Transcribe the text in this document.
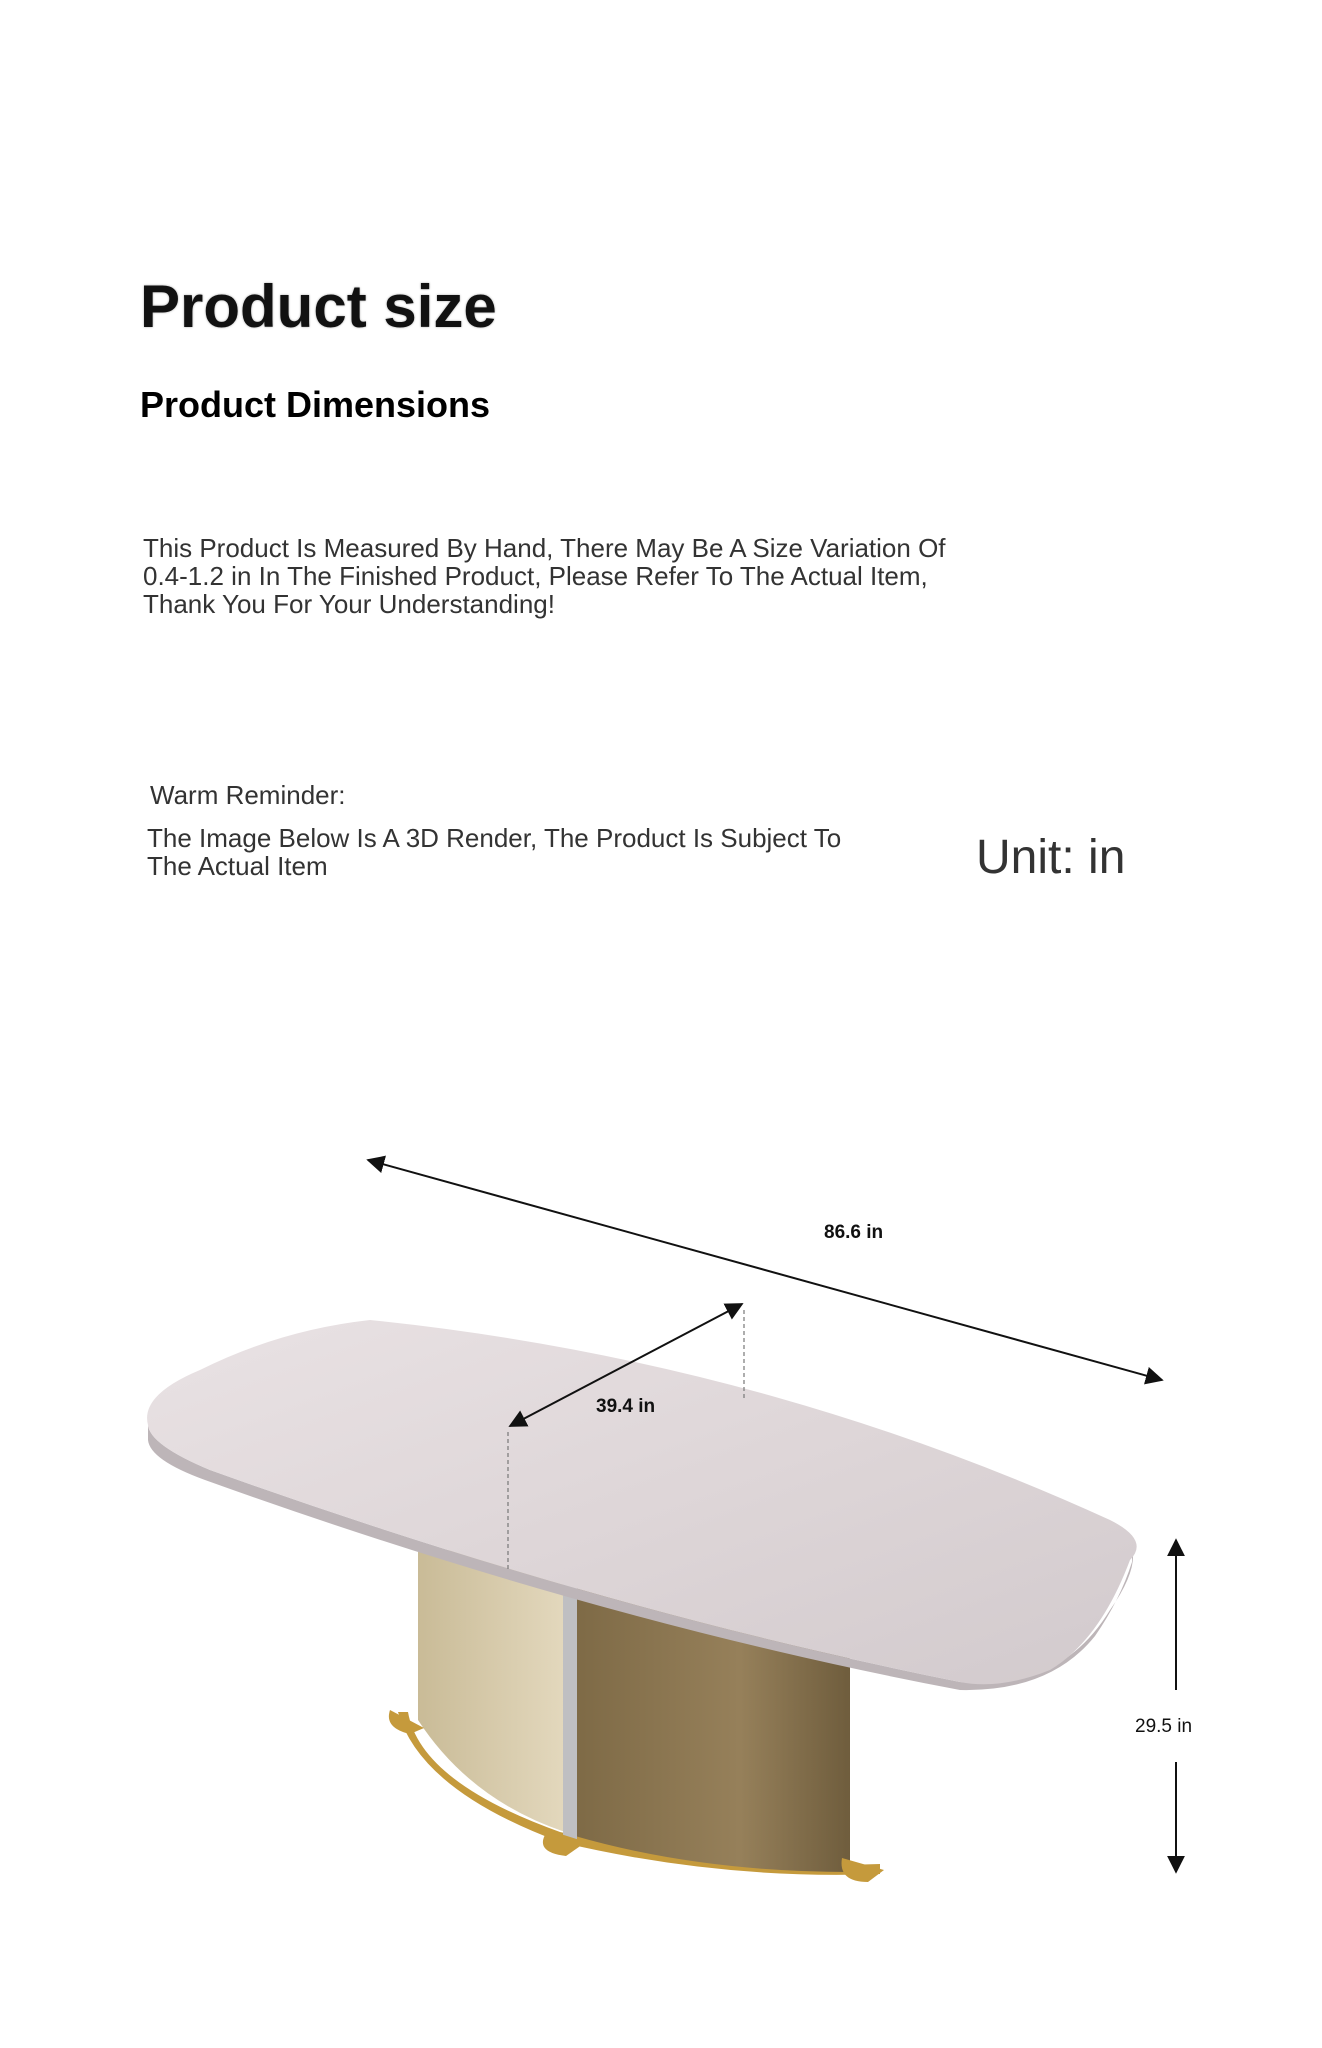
Product size
Product Dimensions
This Product Is Measured By Hand, There May Be A Size Variation Of 0.4-1.2 in In The Finished Product, Please Refer To The Actual Item, Thank You For Your Understanding!
Warm Reminder:
The Image Below Is A 3D Render, The Product Is Subject To The Actual Item	Unit: in
86.6 in
39.4 in
29.5 in
